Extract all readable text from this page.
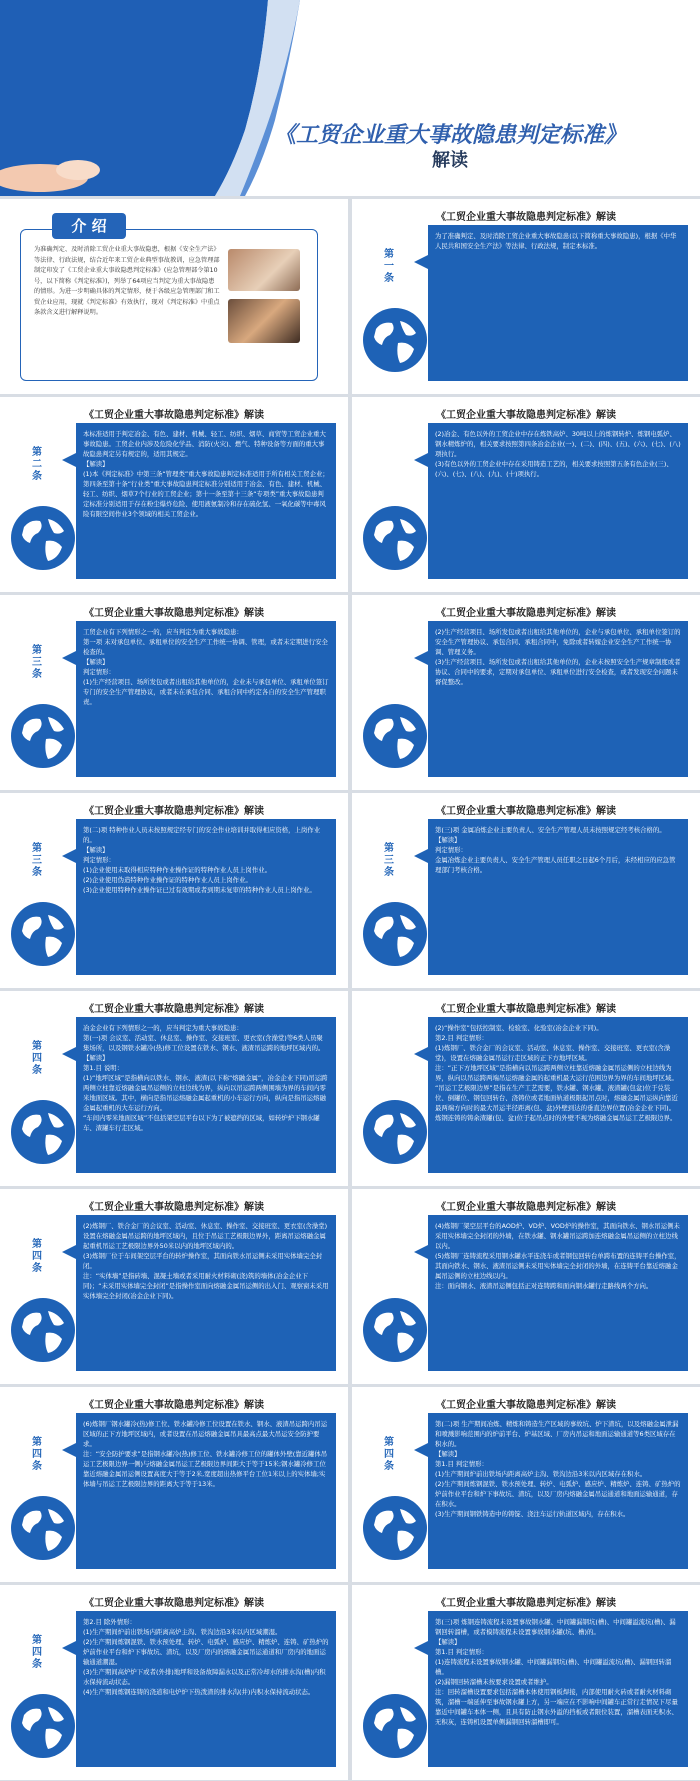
《工贸企业重大事故隐患判定标准》
解读
介 绍
为准确判定、及时消除工贸企业重大事故隐患，根据《安全生产法》等法律、行政法规，结合近年来工贸企业典型事故教训，应急管理部制定印发了《工贸企业重大事故隐患判定标准》(应急管理部令第10号，以下简称《判定标准》)，列举了64项应当判定为重大事故隐患的情形。为进一步明确具体的判定情形，便于各级应急管理部门和工贸企业应用，现就《判定标准》有效执行，现对《判定标准》中重点条款含义进行解释说明。
《工贸企业重大事故隐患判定标准》解读
第一条
为了准确判定、及时消除工贸企业重大事故隐患(以下简称重大事故隐患)，根据《中华人民共和国安全生产法》等法律、行政法规，制定本标准。
《工贸企业重大事故隐患判定标准》解读
第二条

本标准适用于判定冶金、有色、建材、机械、轻工、纺织、烟草、商贸等工贸企业重大事故隐患。工贸企业内涉及危险化学品、消防(火灾)、燃气、特种设备等方面的重大事故隐患判定另有规定的，适用其规定。

【解读】

(1)本《判定标准》中第三条“管理类”重大事故隐患判定标准适用于所有相关工贸企业；第四条至第十条“行业类”重大事故隐患判定标准分别适用于冶金、有色、建材、机械、轻工、纺织、烟草7个行业的工贸企业；第十一条至第十三条“专项类”重大事故隐患判定标准分别适用于存在粉尘爆炸危险、使用液氨制冷和存在硫化氢、一氧化碳等中毒风险有限空间作业3个领域的相关工贸企业。

《工贸企业重大事故隐患判定标准》解读

(2)冶金、有色以外的工贸企业中存在炼铁高炉、30吨以上的炼钢转炉、炼钢电弧炉、钢水精炼炉的，相关要求按照第四条冶金企业(一)、(二)、(四)、(五)、(六)、(七)、(八)项执行。

(3)有色以外的工贸企业中存在采用铸造工艺的，相关要求按照第五条有色企业(三)、(六)、(七)、(八)、(九)、(十)项执行。

《工贸企业重大事故隐患判定标准》解读
第三条

工贸企业有下列情形之一的，应当判定为重大事故隐患：

第一项 未对承包单位、承租单位的安全生产工作统一协调、管理，或者未定期进行安全检查的。

【解读】

判定情形：

(1)生产经营项目、场所发包或者出租给其他单位的，企业未与承包单位、承租单位签订专门的安全生产管理协议，或者未在承包合同、承租合同中约定各自的安全生产管理职责。

《工贸企业重大事故隐患判定标准》解读

(2)生产经营项目、场所发包或者出租给其他单位的，企业与承包单位、承租单位签订的安全生产管理协议、承包合同、承租合同中，免除或者转嫁企业安全生产工作统一协调、管理义务。

(3)生产经营项目、场所发包或者出租给其他单位的，企业未按照安全生产规章制度或者协议、合同中的要求，定期对承包单位、承租单位进行安全检查，或者发现安全问题未督促整改。

《工贸企业重大事故隐患判定标准》解读
第三条

第(二)项 特种作业人员未按照规定经专门的安全作业培训并取得相应资格，上岗作业的。

【解读】

判定情形：

(1)企业使用未取得相应特种作业操作证的特种作业人员上岗作业。

(2)企业使用伪造特种作业操作证的特种作业人员上岗作业。

(3)企业使用特种作业操作证已过有效期或者到期未复审的特种作业人员上岗作业。

《工贸企业重大事故隐患判定标准》解读
第三条

第(三)项 金属冶炼企业主要负责人、安全生产管理人员未按照规定经考核合格的。

【解读】

判定情形：

金属冶炼企业主要负责人、安全生产管理人员任职之日起6个月后，未经相应的应急管理部门考核合格。

《工贸企业重大事故隐患判定标准》解读
第四条

冶金企业有下列情形之一的，应当判定为重大事故隐患：

第(一)项 会议室、活动室、休息室、操作室、交接班室、更衣室(含澡堂)等6类人员聚集场所，以及钢铁水罐冷(热)修工位设置在铁水、钢水、液渣吊运跨的地坪区域内的。

【解读】

第1.目 说明：

(1)“地坪区域”是指横向以铁水、钢水、液渣(以下称“熔融金属”，冶金企业下同)吊运跨两侧立柱靠近熔融金属吊运侧的立柱边线为界，纵向以吊运跨两侧围墙为界的车间内零米地面区域。其中，横向是指吊运熔融金属起重机的小车运行方向，纵向是指吊运熔融金属起重机的大车运行方向。

“车间内零米地面区域”不包括架空层平台以下为了被遮挡的区域，如转炉炉下钢水罐车、渣罐车行走区域。

《工贸企业重大事故隐患判定标准》解读

(2)“操作室”包括控制室、检验室、化验室(冶金企业下同)。

第2.目 判定情形：

(1)炼钢厂、铁合金厂的会议室、活动室、休息室、操作室、交接班室、更衣室(含澡堂)，设置在熔融金属吊运行走区域的正下方地坪区域。

注：“正下方地坪区域”是指横向以吊运跨两侧立柱靠近熔融金属吊运侧的立柱边线为界，纵向以吊运跨两端吊运熔融金属的起重机最大运行范围边界为界的车间地坪区域。

“吊运工艺极限边界”是指在生产工艺需要，铁水罐、钢水罐、液渣罐(包盆)位于兑装位、倒罐位、钢包回转台、浇铸位或者地面轨道极限起吊点时，熔融金属吊运纵向靠近最两端方向时的最大吊运半径距离(包、盆)外壁到达的垂直边界位置(冶金企业下同)。炼钢连铸的铸余渣罐(包、盆)位于起吊点时的外壁不视为熔融金属吊运工艺极限边界。

《工贸企业重大事故隐患判定标准》解读
第四条

(2)炼钢厂、铁合金厂的会议室、活动室、休息室、操作室、交接班室、更衣室(含澡堂)设置在熔融金属吊运跨的地坪区域内，且位于吊运工艺极限边界外，距离吊运熔融金属起重机吊运工艺极限边界外50米以内的地坪区域内的。

(3)炼钢厂位于车间架空层平台的转炉操作室，其面向铁水吊运侧未采用实体墙完全封闭。

注：“实体墙”是指砖墙、混凝土墙或者采用耐火材料砌(浇)筑的墙体(冶金企业下同)；“未采用实体墙完全封闭”是指操作室面向熔融金属吊运侧的出入门、观察窗未采用实体墙完全封闭(冶金企业下同)。

《工贸企业重大事故隐患判定标准》解读

(4)炼钢厂架空层平台的AOD炉、VD炉、VOD炉的操作室，其面向铁水、钢水吊运侧未采用实体墙完全封闭的外墙，在铁水罐、钢水罐吊运跨加连熔融金属吊运侧的立柱边线以内。

(5)炼钢厂连铸流程采用钢水罐水平连浇车或者钢包回转台单跨布置的连铸平台操作室，其面向铁水、钢水、液渣吊运侧未采用实体墙完全封闭的外墙，在连铸平台靠近熔融金属吊运侧的立柱边线以内。

注：面向钢水、液渣吊运侧包括正对连铸跨和面向钢水罐行走路线两个方向。

《工贸企业重大事故隐患判定标准》解读
第四条

(6)炼钢厂钢水罐冷(热)修工位、铁水罐冷修工位设置在铁水、钢水、液渣吊运跨内吊运区域的正下方地坪区域内，或者设置在吊运熔融金属吊具最高点最大吊运安全防护要求。

注：“安全防护要求”是指钢水罐冷(热)修工位、铁水罐冷修工位的罐体外壁(靠近罐体吊运工艺极限边界一侧)与熔融金属吊运工艺极限边界间距大于等于15米;钢水罐冷修工位靠近熔融金属吊运侧设置高度大于等于2米,宽度超出热修平台工位1米以上的实体墙;实体墙与吊运工艺极限边界的距离大于等于13米。

《工贸企业重大事故隐患判定标准》解读
第四条

第(二)项 生产期间冶炼、精炼和铸造生产区域的事故坑、炉下渣坑，以及熔融金属泄漏和喷溅影响范围内的炉前平台、炉基区域、厂房内吊运和地面运输通道等6类区域存在积水的。

【解读】

第1.目 判定情形：

(1)生产期间炉前出铁场内距离高炉主沟、铁沟边沿3米以内区域存在积水。

(2)生产期间炼钢混铁、铁水预处理、转炉、电弧炉、感应炉、精炼炉、连铸、矿热炉的炉前作业平台和炉下事故坑、渣坑，以及厂房内熔融金属吊运通道和地面运输通道，存在积水。

(3)生产期间钢铁铸造中的铸锭、浇注车运行轨道区域内，存在积水。

《工贸企业重大事故隐患判定标准》解读
第四条

第2.目 除外情形：

(1)生产期间炉前出铁场内距离高炉主沟、铁沟边沿3米以内区域潮湿。

(2)生产期间炼钢混铁、铁水预处理、转炉、电弧炉、感应炉、精炼炉、连铸、矿热炉的炉前作业平台和炉下事故坑、渣坑，以及厂房内的熔融金属吊运通道和厂房内的地面运输通道潮湿。

(3)生产期间高炉炉下或者(外排)地坪和设备故障漏水以及正常冷却水的排水沟(槽)内积水保持流动状态。

(4)生产期间炼钢连铸的浇道和电炉炉下热泼渣的排水沟(井)内积水保持流动状态。

《工贸企业重大事故隐患判定标准》解读

第(三)项 炼钢连铸流程未设置事故钢水罐、中间罐漏钢坑(槽)、中间罐溢流坑(槽)、漏钢回转溜槽，或者模铸流程未设置事故钢水罐(坑、槽)的。

【解读】

第1.目 判定情形：

(1)连铸流程未设置事故钢水罐、中间罐漏钢坑(槽)、中间罐溢流坑(槽)、漏钢回转溜槽。

(2)漏钢回转溜槽未按要求设置或者维护。

注：回转溜槽设置要求包括溜槽本体使用钢板焊接，内部使用耐火砖或者耐火材料砌筑，溜槽一端延伸至事故钢水罐上方，另一端应在不影响中间罐车正常行走情况下尽量靠近中间罐车本体一侧，且具有防止钢水外溢的挡板或者限位装置，溜槽表面无积水、无积灰，连铸机设置单侧漏钢回转溜槽即可。
